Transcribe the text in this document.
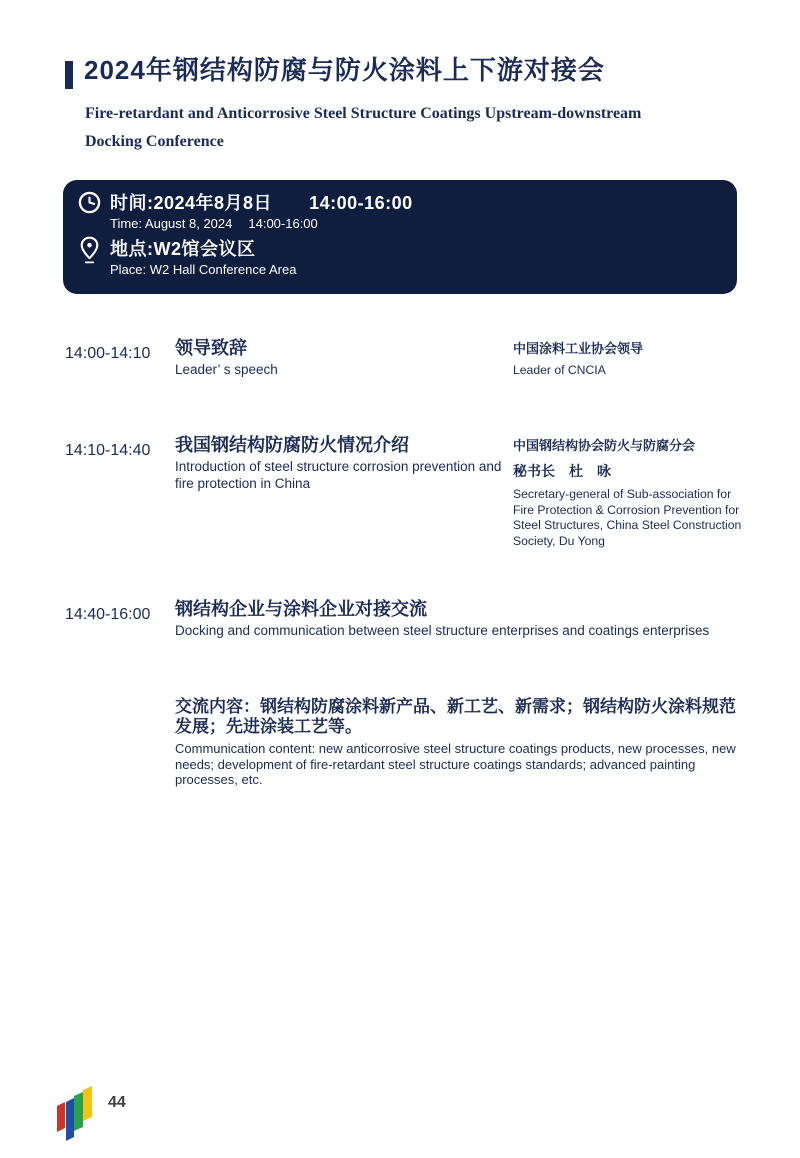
2024年钢结构防腐与防火涂料上下游对接会
Fire-retardant and Anticorrosive Steel Structure Coatings Upstream-downstream
Docking Conference
时间:2024年8月8日 14:00-16:00
Time: August 8, 2024 14:00-16:00
地点:W2馆会议区
Place: W2 Hall Conference Area
14:00-14:10 领导致辞
Leader’ s speech
中国涂料工业协会领导
Leader of CNCIA
14:10-14:40 我国钢结构防腐防火情况介绍
Introduction of steel structure corrosion prevention and fire protection in China
中国钢结构协会防火与防腐分会
秘书长　杜　咏
Secretary-general of Sub-association for Fire Protection & Corrosion Prevention for Steel Structures, China Steel Construction Society, Du Yong
14:40-16:00 钢结构企业与涂料企业对接交流
Docking and communication between steel structure enterprises and coatings enterprises
交流内容：钢结构防腐涂料新产品、新工艺、新需求；钢结构防火涂料规范发展；先进涂装工艺等。
Communication content: new anticorrosive steel structure coatings products, new processes, new needs; development of fire-retardant steel structure coatings standards; advanced painting processes, etc.
44
